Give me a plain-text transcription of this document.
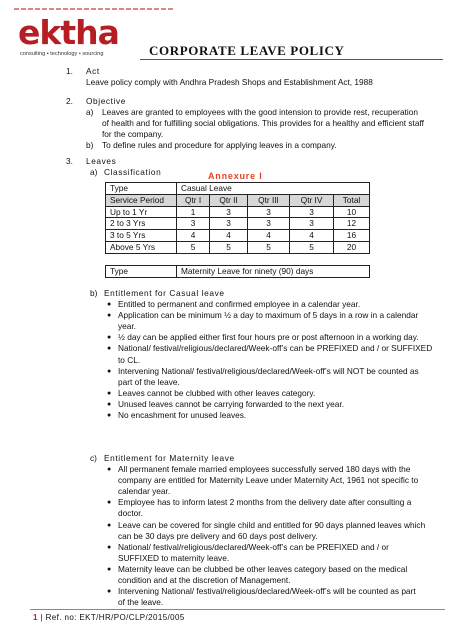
ektha
consulting • technology • sourcing	CORPORATE LEAVE POLICY
1. Act
Leave policy comply with Andhra Pradesh Shops and Establishment Act, 1988
2. Objective
a) Leaves are granted to employees with the good intension to provide rest, recuperation
of health and for fulfilling social obligations. This provides for a healthy and efficient staff
for the company.
b) To define rules and procedure for applying leaves in a company.
3. Leaves
a) Classification	Annexure I
Type	Casual Leave				
Service Period	Qtr I	Qtr II	Qtr III	Qtr IV	Total
Up to 1 Yr	1	3	3	3	10
2 to 3 Yrs	3	3	3	3	12
3 to 5 Yrs	4	4	4	4	16
Above 5 Yrs	5	5	5	5	20
Type	Maternity Leave for ninety (90) days
b) Entitlement for Casual leave
● Entitled to permanent and confirmed employee in a calendar year.
● Application can be minimum ½ a day to maximum of 5 days in a row in a calendar
year.
● ½ day can be applied either first four hours pre or post afternoon in a working day.
● National/ festival/religious/declared/Week-off’s can be PREFIXED and / or SUFFIXED
to CL.
● Intervening National/ festival/religious/declared/Week-off’s will NOT be counted as
part of the leave.
● Leaves cannot be clubbed with other leaves category.
● Unused leaves cannot be carrying forwarded to the next year.
● No encashment for unused leaves.
c) Entitlement for Maternity leave
● All permanent female married employees successfully served 180 days with the
company are entitled for Maternity Leave under Maternity Act, 1961 not specific to
calendar year.
● Employee has to inform latest 2 months from the delivery date after consulting a
doctor.
● Leave can be covered for single child and entitled for 90 days planned leaves which
can be 30 days pre delivery and 60 days post delivery.
● National/ festival/religious/declared/Week-off’s can be PREFIXED and / or
SUFFIXED to maternity leave.
● Maternity leave can be clubbed be other leaves category based on the medical
condition and at the discretion of Management.
● Intervening National/ festival/religious/declared/Week-off’s will be counted as part
of the leave.
1 | Ref. no: EKT/HR/PO/CLP/2015/005
